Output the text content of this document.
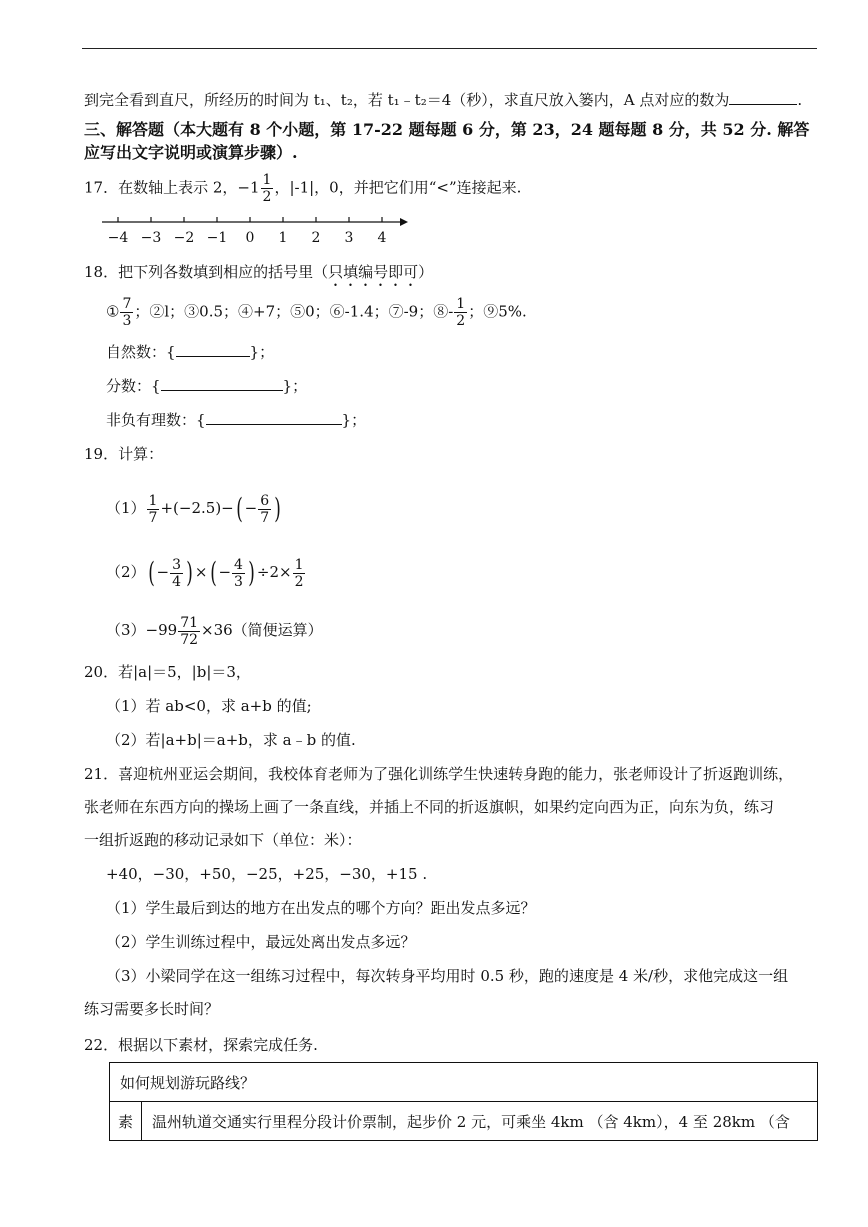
到完全看到直尺，所经历的时间为 t₁、t₂，若 t₁﹣t₂＝4（秒），求直尺放入篓内，A 点对应的数为	.
三、解答题（本大题有 8 个小题，第 17-22 题每题 6 分，第 23，24 题每题 8 分，共 52 分. 解答
应写出文字说明或演算步骤）.
17．在数轴上表示 2，$-1 \frac{1}{2}$ ，|-1|，0，并把它们用“<”连接起来.
−4 −3 −2 −1 0 1 2 3 4
18．把下列各数填到相应的括号里（只填编号即可）
① $\frac{7}{3}$ ；②l；③0.5；④+7；⑤0；⑥-1.4；⑦-9；⑧- $\frac{1}{2}$ ；⑨5%.
自然数：{	}；
分数：{	}；
非负有理数：{	}；
19．计算：
$(1) \frac{1}{7} +(-2.5)-( - \frac{6}{7}$ )
$(2)( - \frac{3}{4}$ ) ×( − $\frac{4}{3}$ ) $\div 2\times \frac{1}{2}$
$(3)-99 \frac{71}{72} \times 36$（简便运算）
20．若|a|＝5，|b|＝3，
（1）若 ab<0，求 a+b 的值;
（2）若|a+b|＝a+b，求 a﹣b 的值.
21．喜迎杭州亚运会期间，我校体育老师为了强化训练学生快速转身跑的能力，张老师设计了折返跑训练，
张老师在东西方向的操场上画了一条直线，并插上不同的折返旗帜，如果约定向西为正，向东为负，练习
一组折返跑的移动记录如下（单位：米）：
+40，−30，+50，−25，+25，−30，+15 .
（1）学生最后到达的地方在出发点的哪个方向？距出发点多远？
（2）学生训练过程中，最远处离出发点多远？
（3）小梁同学在这一组练习过程中，每次转身平均用时 0.5 秒，跑的速度是 4 米/秒，求他完成这一组
练习需要多长时间？
22．根据以下素材，探索完成任务.
如何规划游玩路线？
素	温州轨道交通实行里程分段计价票制，起步价 2 元，可乘坐 4km （含 4km），4 至 28km （含
